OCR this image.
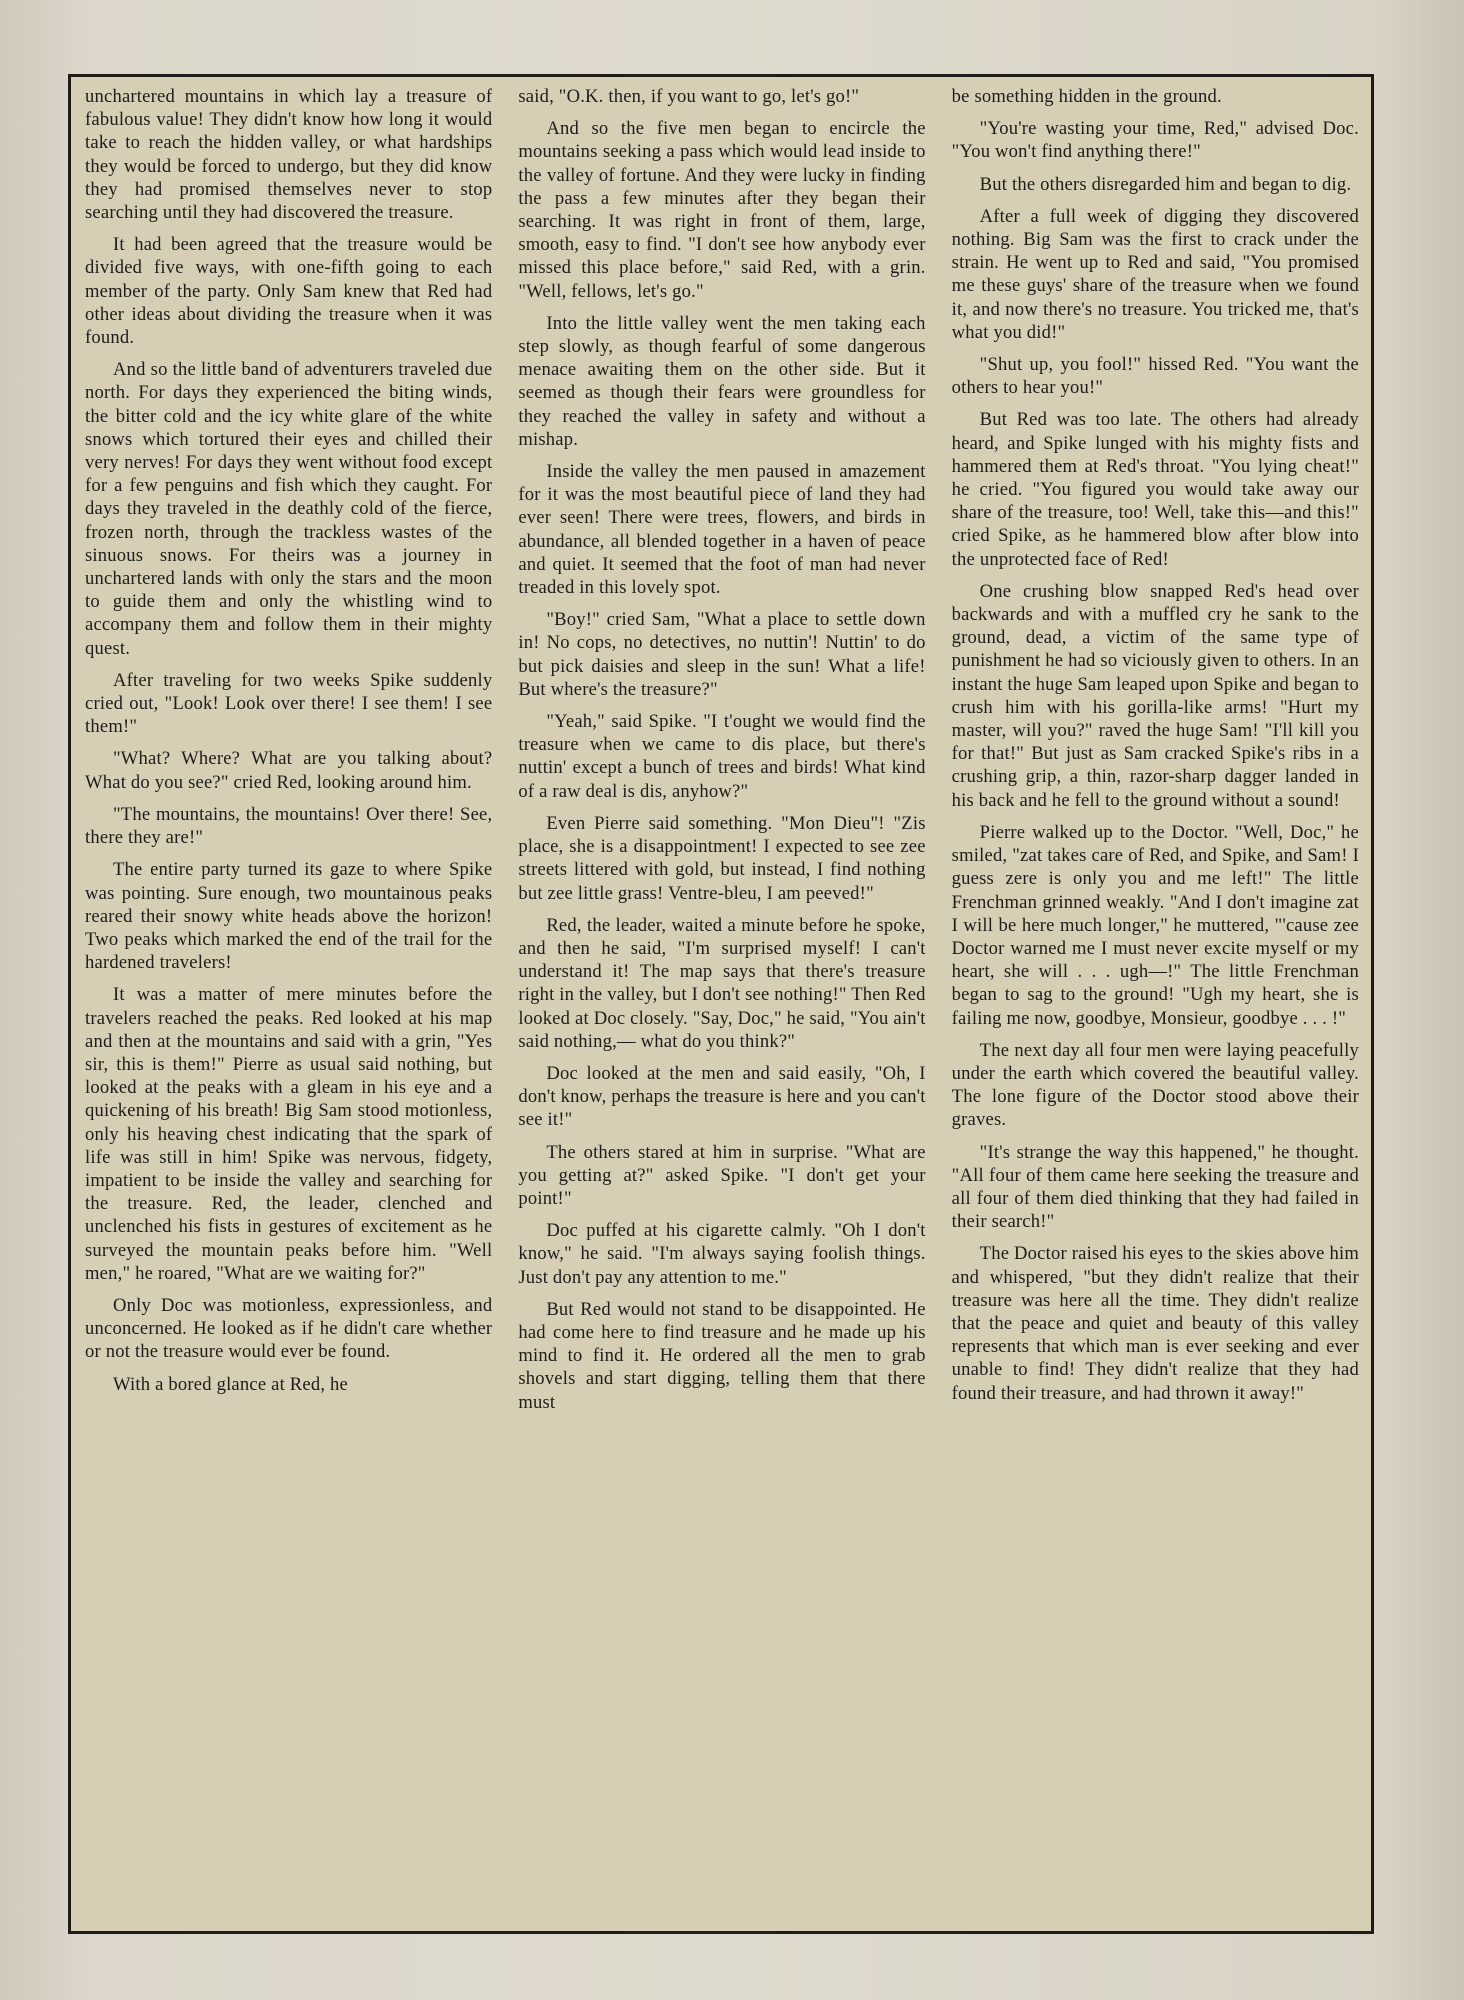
unchartered mountains in which lay a treasure of fabulous value! They didn't know how long it would take to reach the hidden valley, or what hardships they would be forced to undergo, but they did know they had promised themselves never to stop searching until they had discovered the treasure.

It had been agreed that the treasure would be divided five ways, with one-fifth going to each member of the party. Only Sam knew that Red had other ideas about dividing the treasure when it was found.

And so the little band of adventurers traveled due north. For days they experienced the biting winds, the bitter cold and the icy white glare of the white snows which tortured their eyes and chilled their very nerves! For days they went without food except for a few penguins and fish which they caught. For days they traveled in the deathly cold of the fierce, frozen north, through the trackless wastes of the sinuous snows. For theirs was a journey in unchartered lands with only the stars and the moon to guide them and only the whistling wind to accompany them and follow them in their mighty quest.

After traveling for two weeks Spike suddenly cried out, "Look! Look over there! I see them! I see them!"

"What? Where? What are you talking about? What do you see?" cried Red, looking around him.

"The mountains, the mountains! Over there! See, there they are!"

The entire party turned its gaze to where Spike was pointing. Sure enough, two mountainous peaks reared their snowy white heads above the horizon! Two peaks which marked the end of the trail for the hardened travelers!

It was a matter of mere minutes before the travelers reached the peaks. Red looked at his map and then at the mountains and said with a grin, "Yes sir, this is them!" Pierre as usual said nothing, but looked at the peaks with a gleam in his eye and a quickening of his breath! Big Sam stood motionless, only his heaving chest indicating that the spark of life was still in him! Spike was nervous, fidgety, impatient to be inside the valley and searching for the treasure. Red, the leader, clenched and unclenched his fists in gestures of excitement as he surveyed the mountain peaks before him. "Well men," he roared, "What are we waiting for?"

Only Doc was motionless, expressionless, and unconcerned. He looked as if he didn't care whether or not the treasure would ever be found.

With a bored glance at Red, he

said, "O.K. then, if you want to go, let's go!"

And so the five men began to encircle the mountains seeking a pass which would lead inside to the valley of fortune. And they were lucky in finding the pass a few minutes after they began their searching. It was right in front of them, large, smooth, easy to find. "I don't see how anybody ever missed this place before," said Red, with a grin. "Well, fellows, let's go."

Into the little valley went the men taking each step slowly, as though fearful of some dangerous menace awaiting them on the other side. But it seemed as though their fears were groundless for they reached the valley in safety and without a mishap.

Inside the valley the men paused in amazement for it was the most beautiful piece of land they had ever seen! There were trees, flowers, and birds in abundance, all blended together in a haven of peace and quiet. It seemed that the foot of man had never treaded in this lovely spot.

"Boy!" cried Sam, "What a place to settle down in! No cops, no detectives, no nuttin'! Nuttin' to do but pick daisies and sleep in the sun! What a life! But where's the treasure?"

"Yeah," said Spike. "I t'ought we would find the treasure when we came to dis place, but there's nuttin' except a bunch of trees and birds! What kind of a raw deal is dis, anyhow?"

Even Pierre said something. "Mon Dieu"! "Zis place, she is a disappointment! I expected to see zee streets littered with gold, but instead, I find nothing but zee little grass! Ventre-bleu, I am peeved!"

Red, the leader, waited a minute before he spoke, and then he said, "I'm surprised myself! I can't understand it! The map says that there's treasure right in the valley, but I don't see nothing!" Then Red looked at Doc closely. "Say, Doc," he said, "You ain't said nothing,— what do you think?"

Doc looked at the men and said easily, "Oh, I don't know, perhaps the treasure is here and you can't see it!"

The others stared at him in surprise. "What are you getting at?" asked Spike. "I don't get your point!"

Doc puffed at his cigarette calmly. "Oh I don't know," he said. "I'm always saying foolish things. Just don't pay any attention to me."

But Red would not stand to be disappointed. He had come here to find treasure and he made up his mind to find it. He ordered all the men to grab shovels and start digging, telling them that there must

be something hidden in the ground.

"You're wasting your time, Red," advised Doc. "You won't find anything there!"

But the others disregarded him and began to dig.

After a full week of digging they discovered nothing. Big Sam was the first to crack under the strain. He went up to Red and said, "You promised me these guys' share of the treasure when we found it, and now there's no treasure. You tricked me, that's what you did!"

"Shut up, you fool!" hissed Red. "You want the others to hear you!"

But Red was too late. The others had already heard, and Spike lunged with his mighty fists and hammered them at Red's throat. "You lying cheat!" he cried. "You figured you would take away our share of the treasure, too! Well, take this—and this!" cried Spike, as he hammered blow after blow into the unprotected face of Red!

One crushing blow snapped Red's head over backwards and with a muffled cry he sank to the ground, dead, a victim of the same type of punishment he had so viciously given to others. In an instant the huge Sam leaped upon Spike and began to crush him with his gorilla-like arms! "Hurt my master, will you?" raved the huge Sam! "I'll kill you for that!" But just as Sam cracked Spike's ribs in a crushing grip, a thin, razor-sharp dagger landed in his back and he fell to the ground without a sound!

Pierre walked up to the Doctor. "Well, Doc," he smiled, "zat takes care of Red, and Spike, and Sam! I guess zere is only you and me left!" The little Frenchman grinned weakly. "And I don't imagine zat I will be here much longer," he muttered, "'cause zee Doctor warned me I must never excite myself or my heart, she will . . . ugh—!" The little Frenchman began to sag to the ground! "Ugh my heart, she is failing me now, goodbye, Monsieur, goodbye . . . !"

The next day all four men were laying peacefully under the earth which covered the beautiful valley. The lone figure of the Doctor stood above their graves.

"It's strange the way this happened," he thought. "All four of them came here seeking the treasure and all four of them died thinking that they had failed in their search!"

The Doctor raised his eyes to the skies above him and whispered, "but they didn't realize that their treasure was here all the time. They didn't realize that the peace and quiet and beauty of this valley represents that which man is ever seeking and ever unable to find! They didn't realize that they had found their treasure, and had thrown it away!"
